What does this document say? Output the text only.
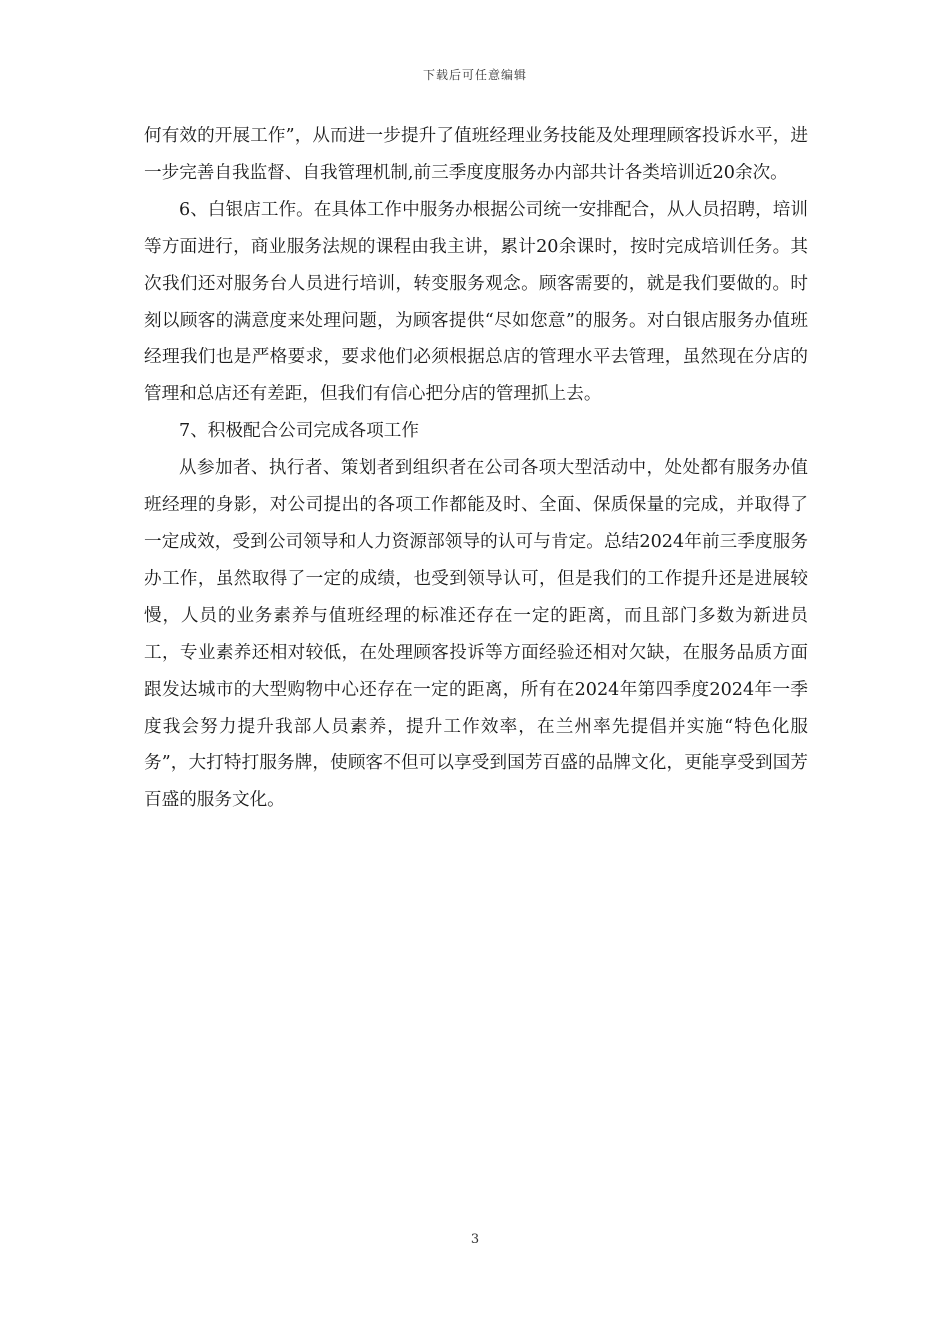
下载后可任意编辑

何有效的开展工作”，从而进一步提升了值班经理业务技能及处理理顾客投诉水平，进一步完善自我监督、自我管理机制,前三季度度服务办内部共计各类培训近20余次。

6、白银店工作。在具体工作中服务办根据公司统一安排配合，从人员招聘，培训等方面进行，商业服务法规的课程由我主讲，累计20余课时，按时完成培训任务。其次我们还对服务台人员进行培训，转变服务观念。顾客需要的，就是我们要做的。时刻以顾客的满意度来处理问题，为顾客提供“尽如您意”的服务。对白银店服务办值班经理我们也是严格要求，要求他们必须根据总店的管理水平去管理，虽然现在分店的管理和总店还有差距，但我们有信心把分店的管理抓上去。

7、积极配合公司完成各项工作

从参加者、执行者、策划者到组织者在公司各项大型活动中，处处都有服务办值班经理的身影，对公司提出的各项工作都能及时、全面、保质保量的完成，并取得了一定成效，受到公司领导和人力资源部领导的认可与肯定。总结2024年前三季度服务办工作，虽然取得了一定的成绩，也受到领导认可，但是我们的工作提升还是进展较慢，人员的业务素养与值班经理的标准还存在一定的距离，而且部门多数为新进员工，专业素养还相对较低，在处理顾客投诉等方面经验还相对欠缺，在服务品质方面跟发达城市的大型购物中心还存在一定的距离，所有在2024年第四季度2024年一季度我会努力提升我部人员素养，提升工作效率，在兰州率先提倡并实施“特色化服务”，大打特打服务牌，使顾客不但可以享受到国芳百盛的品牌文化，更能享受到国芳百盛的服务文化。

3
